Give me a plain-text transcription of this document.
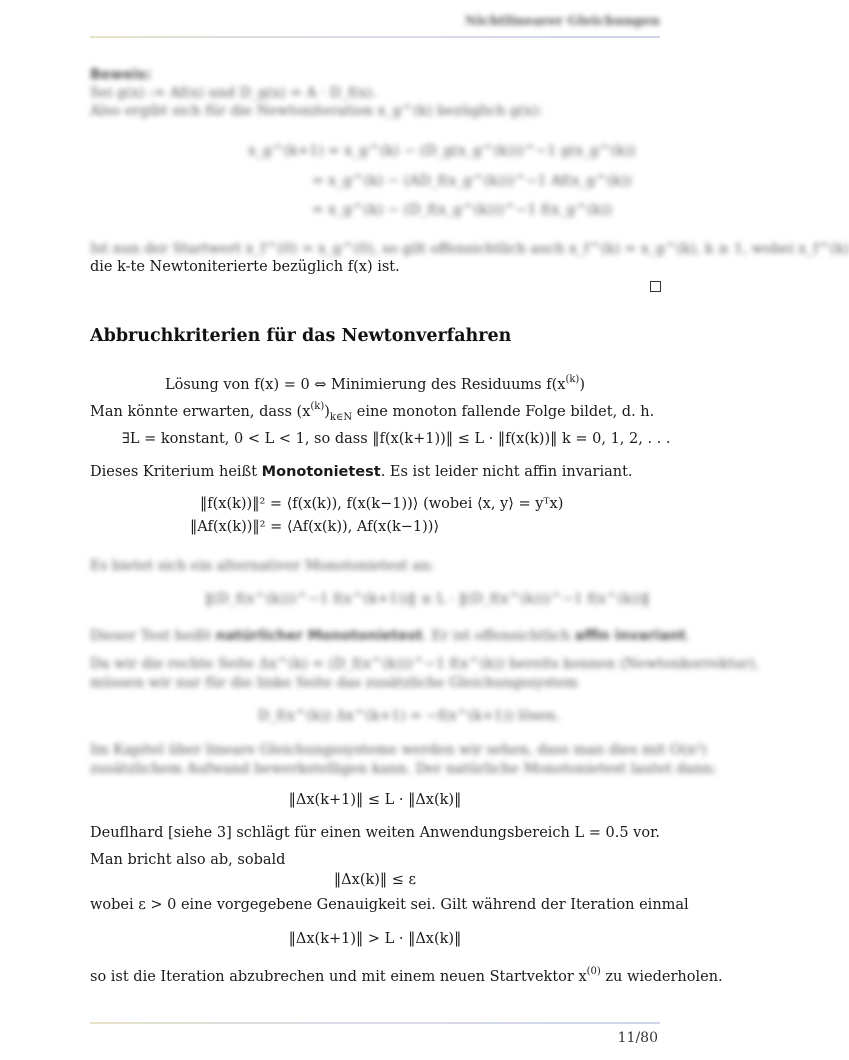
Nichtlinearer Gleichungen
Beweis:
Sei g(x) := Af(x) und D_g(x) = A · D_f(x).
Also ergibt sich für die Newtoniteration x_g^(k) bezüglich g(x):
x_g^(k+1) = x_g^(k) − (D_g(x_g^(k)))^−1 g(x_g^(k))
= x_g^(k) − (AD_f(x_g^(k)))^−1 Af(x_g^(k))
= x_g^(k) − (D_f(x_g^(k)))^−1 f(x_g^(k))
Ist nun der Startwert x_f^(0) = x_g^(0), so gilt offensichtlich auch x_f^(k) = x_g^(k), k ≥ 1, wobei x_f^(k)
die k-te Newtoniterierte bezüglich f(x) ist.
Abbruchkriterien für das Newtonverfahren
Lösung von f(x) = 0 ⇔ Minimierung des Residuums $f(x^{(k)})$
Man könnte erwarten, dass $(x^{(k)})_{k\in N}$ eine monoton fallende Folge bildet, d. h.
∃L = konstant, 0 < L < 1, so dass ‖f(x(k+1))‖ ≤ L · ‖f(x(k))‖ k = 0, 1, 2, . . .
Dieses Kriterium heißt Monotonietest. Es ist leider nicht affin invariant.
‖f(x(k))‖² = ⟨f(x(k)), f(x(k−1))⟩ (wobei ⟨x, y⟩ = yᵀx)
‖Af(x(k))‖² = ⟨Af(x(k)), Af(x(k−1))⟩
Es bietet sich ein alternativer Monotonietest an:
‖(D_f(x^(k)))^−1 f(x^(k+1))‖ ≤ L · ‖(D_f(x^(k)))^−1 f(x^(k))‖
Dieser Test heißt natürlicher Monotonietest. Er ist offensichtlich affin invariant.
Da wir die rechte Seite Δx^(k) = (D_f(x^(k)))^−1 f(x^(k)) bereits kennen (Newtonkorrektur),
müssen wir nur für die linke Seite das zusätzliche Gleichungssystem
D_f(x^(k)) Δx^(k+1) = −f(x^(k+1)) lösen.
Im Kapitel über lineare Gleichungssysteme werden wir sehen, dass man dies mit O(n²)
zusätzlichem Aufwand bewerkstelligen kann. Der natürliche Monotonietest lautet dann:
‖Δx(k+1)‖ ≤ L · ‖Δx(k)‖
Deuflhard [siehe 3] schlägt für einen weiten Anwendungsbereich L = 0.5 vor.
Man bricht also ab, sobald
‖Δx(k)‖ ≤ ε
wobei ε > 0 eine vorgegebene Genauigkeit sei. Gilt während der Iteration einmal
‖Δx(k+1)‖ > L · ‖Δx(k)‖
so ist die Iteration abzubrechen und mit einem neuen Startvektor $x^{(0)}$ zu wiederholen.
11/80
